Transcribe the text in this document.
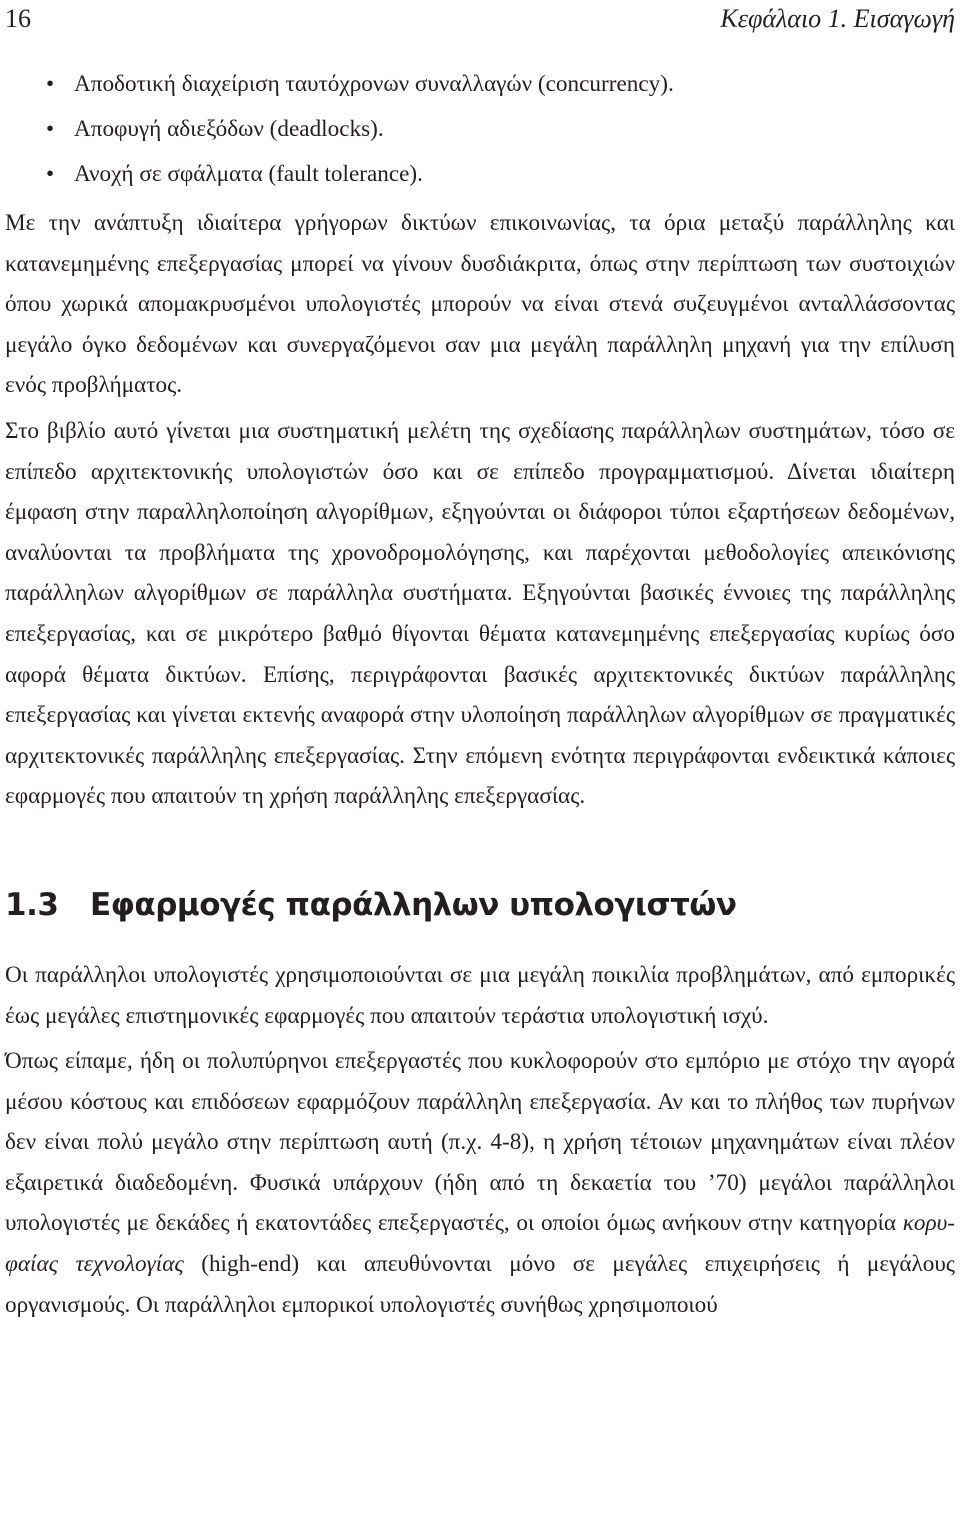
16	Κεφάλαιο 1. Εισαγωγή
• Αποδοτική διαχείριση ταυτόχρονων συναλλαγών (concurrency).
• Αποφυγή αδιεξόδων (deadlocks).
• Ανοχή σε σφάλματα (fault tolerance).

Με την ανάπτυξη ιδιαίτερα γρήγορων δικτύων επικοινωνίας, τα όρια μεταξύ παράλληλης και κατανεμημένης επεξεργασίας μπορεί να γίνουν δυσδιάκριτα, όπως στην περίπτωση των συστοιχιών όπου χωρικά απομακρυσμένοι υπολογιστές μπορούν να είναι στενά συζευγμένοι ανταλλάσσοντας μεγάλο όγκο δεδομένων και συνεργαζόμενοι σαν μια μεγάλη παράλληλη μηχανή για την επίλυση ενός προβλήματος.

Στο βιβλίο αυτό γίνεται μια συστηματική μελέτη της σχεδίασης παράλληλων συστημάτων, τόσο σε επίπεδο αρχιτεκτονικής υπολογιστών όσο και σε επίπεδο προγραμματισμού. Δίνεται ιδιαίτερη έμφαση στην παραλληλοποίηση αλγορίθμων, εξηγούνται οι διάφοροι τύποι εξαρτήσεων δεδομένων, αναλύονται τα προβλήματα της χρονοδρομολόγησης, και παρέχονται μεθοδολογίες απεικόνισης παράλληλων αλγορίθμων σε παράλληλα συστήματα. Εξηγούνται βασικές έννοιες της παράλληλης επεξεργασίας, και σε μικρότερο βαθμό θίγονται θέματα κατανεμημένης επεξεργασίας κυρίως όσο αφορά θέματα δικτύων. Επίσης, περιγράφονται βασικές αρχιτεκτονικές δικτύων παράλληλης επεξεργασίας και γίνεται εκτενής αναφορά στην υλοποίηση παράλληλων αλγορίθμων σε πραγματικές αρχιτεκτονικές παράλληλης επεξεργασίας. Στην επόμενη ενότητα περιγράφονται ενδεικτικά κάποιες εφαρμογές που απαιτούν τη χρήση παράλληλης επεξεργασίας.

1.3 Εφαρμογές παράλληλων υπολογιστών

Οι παράλληλοι υπολογιστές χρησιμοποιούνται σε μια μεγάλη ποικιλία προβλημάτων, από εμπορικές έως μεγάλες επιστημονικές εφαρμογές που απαιτούν τεράστια υπολογιστική ισχύ.

Όπως είπαμε, ήδη οι πολυπύρηνοι επεξεργαστές που κυκλοφορούν στο εμπόριο με στόχο την αγορά μέσου κόστους και επιδόσεων εφαρμόζουν παράλληλη επεξεργασία. Αν και το πλήθος των πυρήνων δεν είναι πολύ μεγάλο στην περίπτωση αυτή (π.χ. 4-8), η χρήση τέτοιων μηχανημάτων είναι πλέον εξαιρετικά διαδεδομένη. Φυσικά υπάρχουν (ήδη από τη δεκαετία του ’70) μεγάλοι παράλληλοι υπολογιστές με δεκάδες ή εκατοντάδες επεξεργαστές, οι οποίοι όμως ανήκουν στην κατηγορία κορυφαίας τεχνολογίας (high-end) και απευθύνονται μόνο σε μεγάλες επιχειρήσεις ή μεγάλους οργανισμούς. Οι παράλληλοι εμπορικοί υπολογιστές συνήθως χρησιμοποιού
